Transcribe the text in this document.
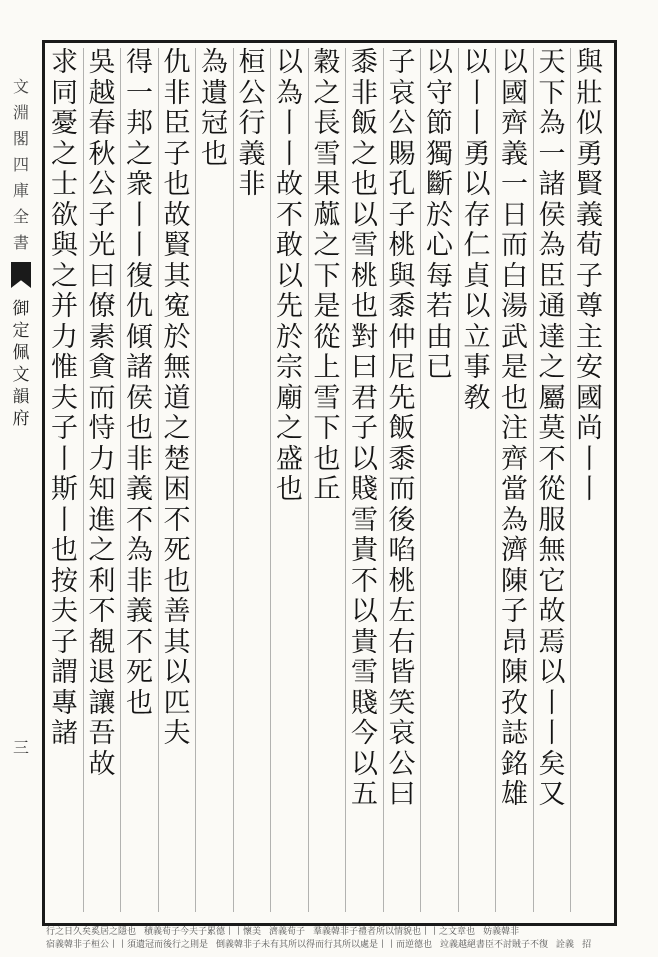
文
淵
閣
四
庫
全
書
御
定
佩
文
韻
府
三
與
壯
似
勇
賢
義
荀
子
尊
主
安
國
尚
丨
丨
天
下
為
一
諸
侯
為
臣
通
達
之
屬
莫
不
從
服
無
它
故
焉
以
丨
丨
矣
又
以
國
齊
義
一
日
而
白
湯
武
是
也
注
齊
當
為
濟
陳
子
昂
陳
孜
誌
銘
雄
以
丨
丨
勇
以
存
仁
貞
以
立
事
敎
以
守
節
獨
斷
於
心
每
若
由
已
子
哀
公
賜
孔
子
桃
與
黍
仲
尼
先
飯
黍
而
後
啗
桃
左
右
皆
笑
哀
公
曰
黍
非
飯
之
也
以
雪
桃
也
對
曰
君
子
以
賤
雪
貴
不
以
貴
雪
賤
今
以
五
穀
之
長
雪
果
蓏
之
下
是
從
上
雪
下
也
丘
以
為
丨
丨
故
不
敢
以
先
於
宗
廟
之
盛
也
桓
公
行
義
非
為
遺
冠
也
仇
非
臣
子
也
故
賢
其
寃
於
無
道
之
楚
困
不
死
也
善
其
以
匹
夫
得
一
邦
之
衆
丨
丨
復
仇
傾
諸
侯
也
非
義
不
為
非
義
不
死
也
吳
越
春
秋
公
子
光
曰
僚
素
貪
而
恃
力
知
進
之
利
不
覩
退
讓
吾
故
求
同
憂
之
士
欲
與
之
并
力
惟
夫
子
丨
斯
丨
也
按
夫
子
謂
專
諸
行之日久矣奚居之隱也 積義荀子今夫子累德丨丨懷美 濟義荀子 羣義韓非子禮者所以情貌也丨丨之文章也 妨義韓非
宿義韓非子桓公丨丨須遺冠而後行之則是 倒義韓非子未有其所以得而行其所以處是丨丨而逆德也 竝義越絕書臣不討賊子不復 詮義 招
